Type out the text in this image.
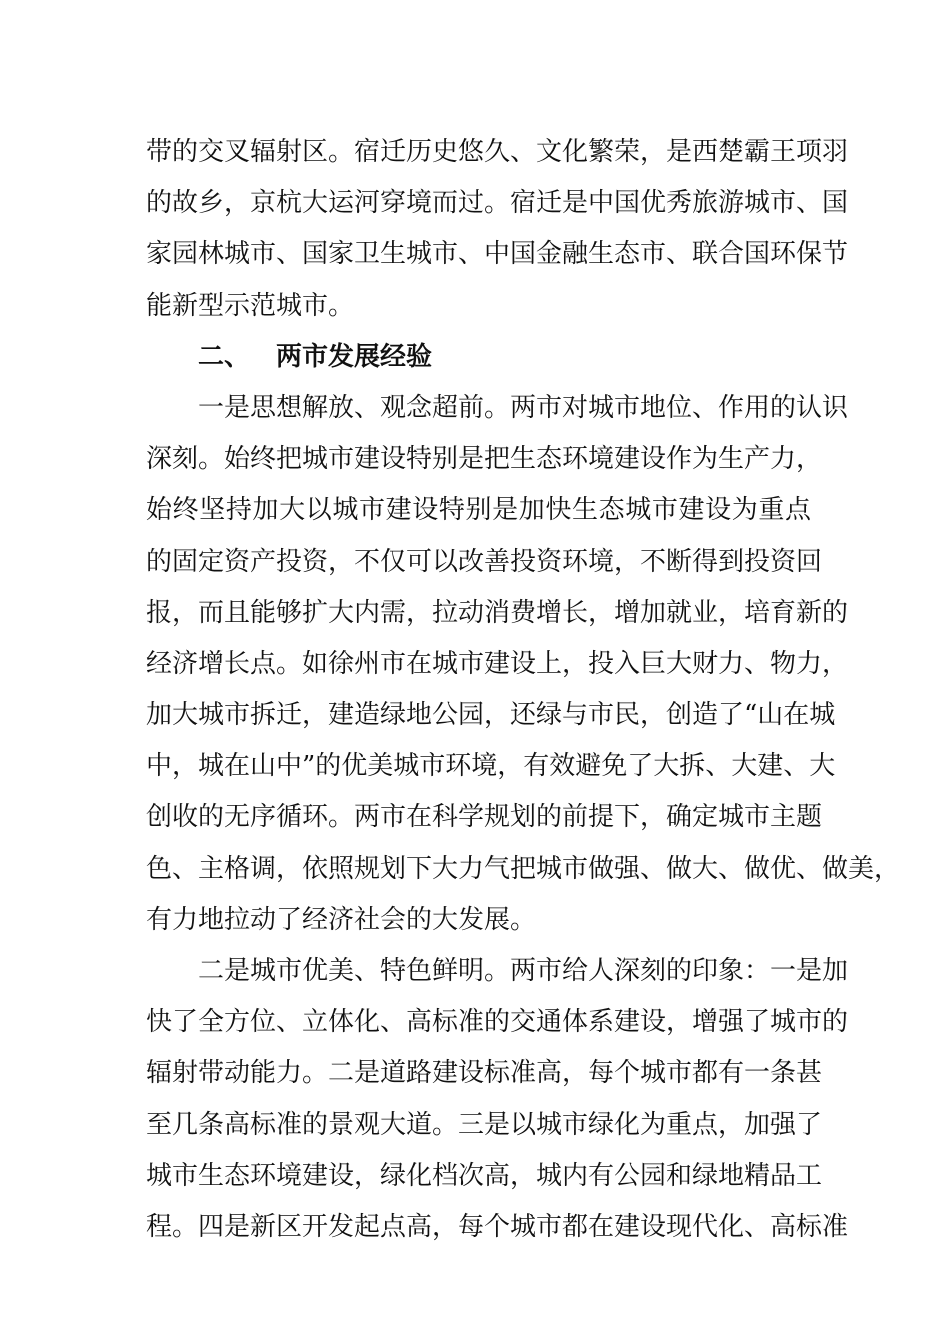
带的交叉辐射区。宿迁历史悠久、文化繁荣，是西楚霸王项羽
的故乡，京杭大运河穿境而过。宿迁是中国优秀旅游城市、国
家园林城市、国家卫生城市、中国金融生态市、联合国环保节
能新型示范城市。
二、 两市发展经验
一是思想解放、观念超前。两市对城市地位、作用的认识
深刻。始终把城市建设特别是把生态环境建设作为生产力，
始终坚持加大以城市建设特别是加快生态城市建设为重点
的固定资产投资，不仅可以改善投资环境，不断得到投资回
报，而且能够扩大内需，拉动消费增长，增加就业，培育新的
经济增长点。如徐州市在城市建设上，投入巨大财力、物力，
加大城市拆迁，建造绿地公园，还绿与市民，创造了“山在城
中，城在山中”的优美城市环境，有效避免了大拆、大建、大
创收的无序循环。两市在科学规划的前提下，确定城市主题
色、主格调，依照规划下大力气把城市做强、做大、做优、做美，
有力地拉动了经济社会的大发展。
二是城市优美、特色鲜明。两市给人深刻的印象：一是加
快了全方位、立体化、高标准的交通体系建设，增强了城市的
辐射带动能力。二是道路建设标准高，每个城市都有一条甚
至几条高标准的景观大道。三是以城市绿化为重点，加强了
城市生态环境建设，绿化档次高，城内有公园和绿地精品工
程。四是新区开发起点高，每个城市都在建设现代化、高标准
